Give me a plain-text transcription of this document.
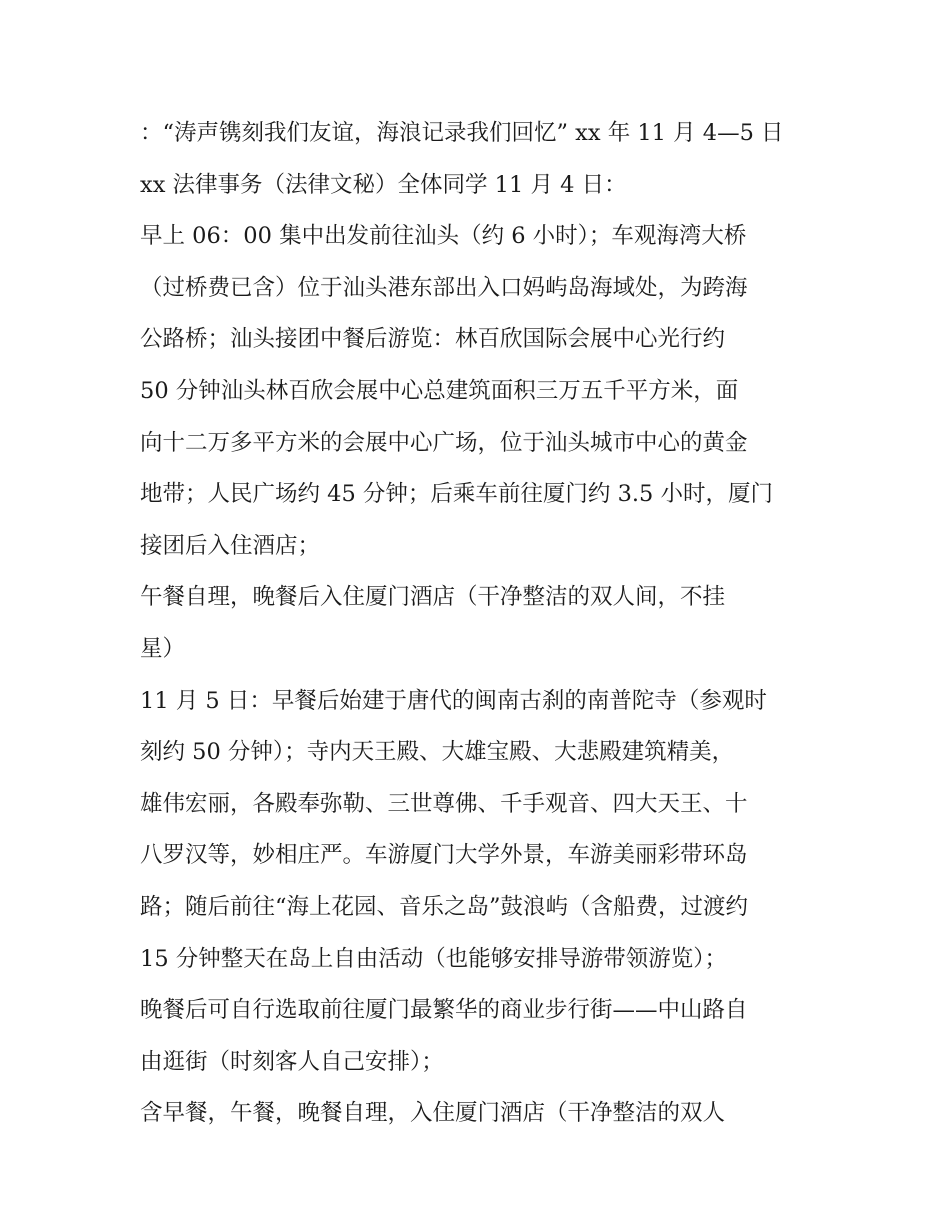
：“涛声镌刻我们友谊，海浪记录我们回忆” xx 年 11 月 4—5 日
xx 法律事务（法律文秘）全体同学 11 月 4 日：
早上 06：00 集中出发前往汕头（约 6 小时）；车观海湾大桥
（过桥费已含）位于汕头港东部出入口妈屿岛海域处，为跨海
公路桥；汕头接团中餐后游览：林百欣国际会展中心光行约
50 分钟汕头林百欣会展中心总建筑面积三万五千平方米，面
向十二万多平方米的会展中心广场，位于汕头城市中心的黄金
地带；人民广场约 45 分钟；后乘车前往厦门约 3.5 小时，厦门
接团后入住酒店；
午餐自理，晚餐后入住厦门酒店（干净整洁的双人间，不挂
星）
11 月 5 日：早餐后始建于唐代的闽南古刹的南普陀寺（参观时
刻约 50 分钟）；寺内天王殿、大雄宝殿、大悲殿建筑精美，
雄伟宏丽，各殿奉弥勒、三世尊佛、千手观音、四大天王、十
八罗汉等，妙相庄严。车游厦门大学外景，车游美丽彩带环岛
路；随后前往“海上花园、音乐之岛”鼓浪屿（含船费，过渡约
15 分钟整天在岛上自由活动（也能够安排导游带领游览）；
晚餐后可自行选取前往厦门最繁华的商业步行街——中山路自
由逛街（时刻客人自己安排）；
含早餐，午餐，晚餐自理，入住厦门酒店（干净整洁的双人
